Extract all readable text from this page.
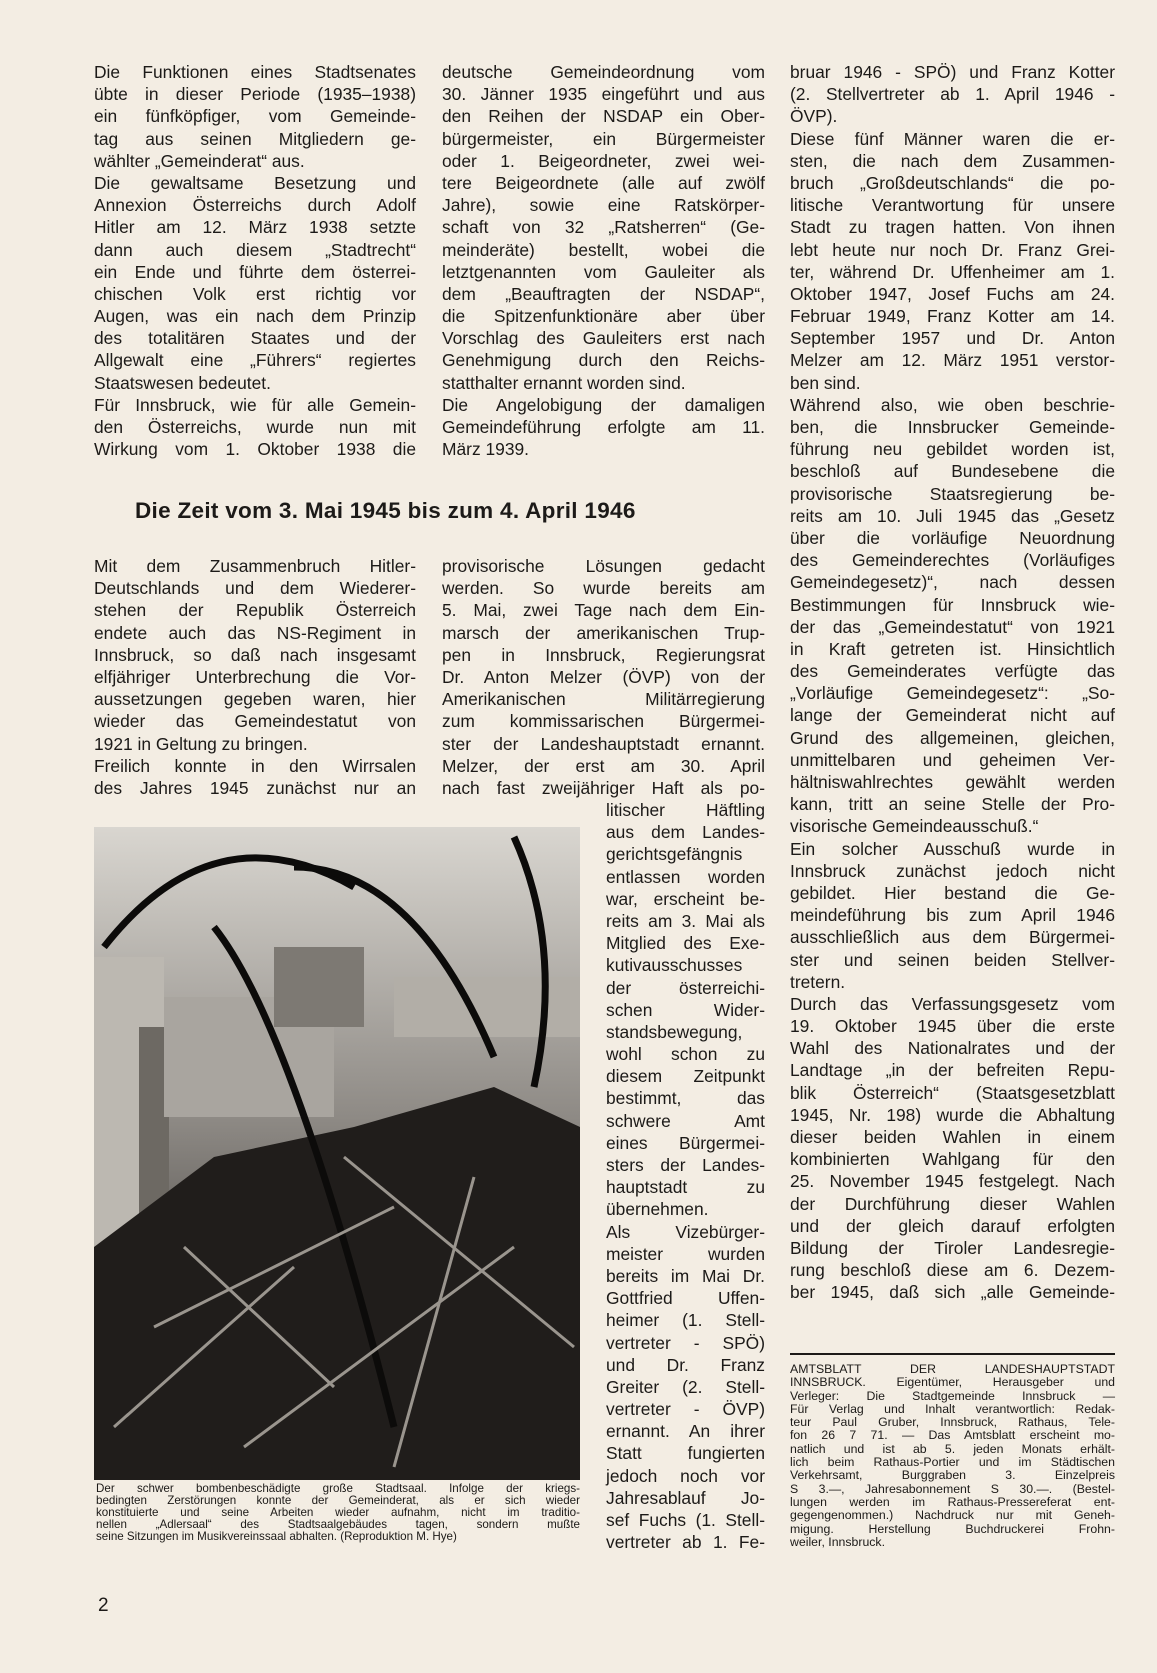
Die Funktionen eines Stadtsenates
übte in dieser Periode (1935–1938)
ein fünfköpfiger, vom Gemeinde-
tag aus seinen Mitgliedern ge-
wählter „Gemeinderat“ aus.
Die gewaltsame Besetzung und
Annexion Österreichs durch Adolf
Hitler am 12. März 1938 setzte
dann auch diesem „Stadtrecht“
ein Ende und führte dem österrei-
chischen Volk erst richtig vor
Augen, was ein nach dem Prinzip
des totalitären Staates und der
Allgewalt eine „Führers“ regiertes
Staatswesen bedeutet.
Für Innsbruck, wie für alle Gemein-
den Österreichs, wurde nun mit
Wirkung vom 1. Oktober 1938 die
deutsche Gemeindeordnung vom
30. Jänner 1935 eingeführt und aus
den Reihen der NSDAP ein Ober-
bürgermeister, ein Bürgermeister
oder 1. Beigeordneter, zwei wei-
tere Beigeordnete (alle auf zwölf
Jahre), sowie eine Ratskörper-
schaft von 32 „Ratsherren“ (Ge-
meinderäte) bestellt, wobei die
letztgenannten vom Gauleiter als
dem „Beauftragten der NSDAP“,
die Spitzenfunktionäre aber über
Vorschlag des Gauleiters erst nach
Genehmigung durch den Reichs-
statthalter ernannt worden sind.
Die Angelobigung der damaligen
Gemeindeführung erfolgte am 11.
März 1939.
bruar 1946 - SPÖ) und Franz Kotter
(2. Stellvertreter ab 1. April 1946 -
ÖVP).
Diese fünf Männer waren die er-
sten, die nach dem Zusammen-
bruch „Großdeutschlands“ die po-
litische Verantwortung für unsere
Stadt zu tragen hatten. Von ihnen
lebt heute nur noch Dr. Franz Grei-
ter, während Dr. Uffenheimer am 1.
Oktober 1947, Josef Fuchs am 24.
Februar 1949, Franz Kotter am 14.
September 1957 und Dr. Anton
Melzer am 12. März 1951 verstor-
ben sind.
Während also, wie oben beschrie-
ben, die Innsbrucker Gemeinde-
führung neu gebildet worden ist,
beschloß auf Bundesebene die
provisorische Staatsregierung be-
reits am 10. Juli 1945 das „Gesetz
über die vorläufige Neuordnung
des Gemeinderechtes (Vorläufiges
Gemeindegesetz)“, nach dessen
Bestimmungen für Innsbruck wie-
der das „Gemeindestatut“ von 1921
in Kraft getreten ist. Hinsichtlich
des Gemeinderates verfügte das
„Vorläufige Gemeindegesetz“: „So-
lange der Gemeinderat nicht auf
Grund des allgemeinen, gleichen,
unmittelbaren und geheimen Ver-
hältniswahlrechtes gewählt werden
kann, tritt an seine Stelle der Pro-
visorische Gemeindeausschuß.“
Ein solcher Ausschuß wurde in
Innsbruck zunächst jedoch nicht
gebildet. Hier bestand die Ge-
meindeführung bis zum April 1946
ausschließlich aus dem Bürgermei-
ster und seinen beiden Stellver-
tretern.
Durch das Verfassungsgesetz vom
19. Oktober 1945 über die erste
Wahl des Nationalrates und der
Landtage „in der befreiten Repu-
blik Österreich“ (Staatsgesetzblatt
1945, Nr. 198) wurde die Abhaltung
dieser beiden Wahlen in einem
kombinierten Wahlgang für den
25. November 1945 festgelegt. Nach
der Durchführung dieser Wahlen
und der gleich darauf erfolgten
Bildung der Tiroler Landesregie-
rung beschloß diese am 6. Dezem-
ber 1945, daß sich „alle Gemeinde-
Die Zeit vom 3. Mai 1945 bis zum 4. April 1946
Mit dem Zusammenbruch Hitler-
Deutschlands und dem Wiederer-
stehen der Republik Österreich
endete auch das NS-Regiment in
Innsbruck, so daß nach insgesamt
elfjähriger Unterbrechung die Vor-
aussetzungen gegeben waren, hier
wieder das Gemeindestatut von
1921 in Geltung zu bringen.
Freilich konnte in den Wirrsalen
des Jahres 1945 zunächst nur an
provisorische Lösungen gedacht
werden. So wurde bereits am
5. Mai, zwei Tage nach dem Ein-
marsch der amerikanischen Trup-
pen in Innsbruck, Regierungsrat
Dr. Anton Melzer (ÖVP) von der
Amerikanischen Militärregierung
zum kommissarischen Bürgermei-
ster der Landeshauptstadt ernannt.
Melzer, der erst am 30. April
nach fast zweijähriger Haft als po-
litischer Häftling
aus dem Landes-
gerichtsgefängnis
entlassen worden
war, erscheint be-
reits am 3. Mai als
Mitglied des Exe-
kutivausschusses
der österreichi-
schen Wider-
standsbewegung,
wohl schon zu
diesem Zeitpunkt
bestimmt, das
schwere Amt
eines Bürgermei-
sters der Landes-
hauptstadt zu
übernehmen.
Als Vizebürger-
meister wurden
bereits im Mai Dr.
Gottfried Uffen-
heimer (1. Stell-
vertreter - SPÖ)
und Dr. Franz
Greiter (2. Stell-
vertreter - ÖVP)
ernannt. An ihrer
Statt fungierten
jedoch noch vor
Jahresablauf Jo-
sef Fuchs (1. Stell-
vertreter ab 1. Fe-
Der schwer bombenbeschädigte große Stadtsaal. Infolge der kriegs-
bedingten Zerstörungen konnte der Gemeinderat, als er sich wieder
konstituierte und seine Arbeiten wieder aufnahm, nicht im traditio-
nellen „Adlersaal“ des Stadtsaalgebäudes tagen, sondern mußte
seine Sitzungen im Musikvereinssaal abhalten. (Reproduktion M. Hye)
AMTSBLATT DER LANDESHAUPTSTADT
INNSBRUCK. Eigentümer, Herausgeber und
Verleger: Die Stadtgemeinde Innsbruck —
Für Verlag und Inhalt verantwortlich: Redak-
teur Paul Gruber, Innsbruck, Rathaus, Tele-
fon 26 7 71. — Das Amtsblatt erscheint mo-
natlich und ist ab 5. jeden Monats erhält-
lich beim Rathaus-Portier und im Städtischen
Verkehrsamt, Burggraben 3. Einzelpreis
S 3.—, Jahresabonnement S 30.—. (Bestel-
lungen werden im Rathaus-Pressereferat ent-
gegengenommen.) Nachdruck nur mit Geneh-
migung. Herstellung Buchdruckerei Frohn-
weiler, Innsbruck.
2
